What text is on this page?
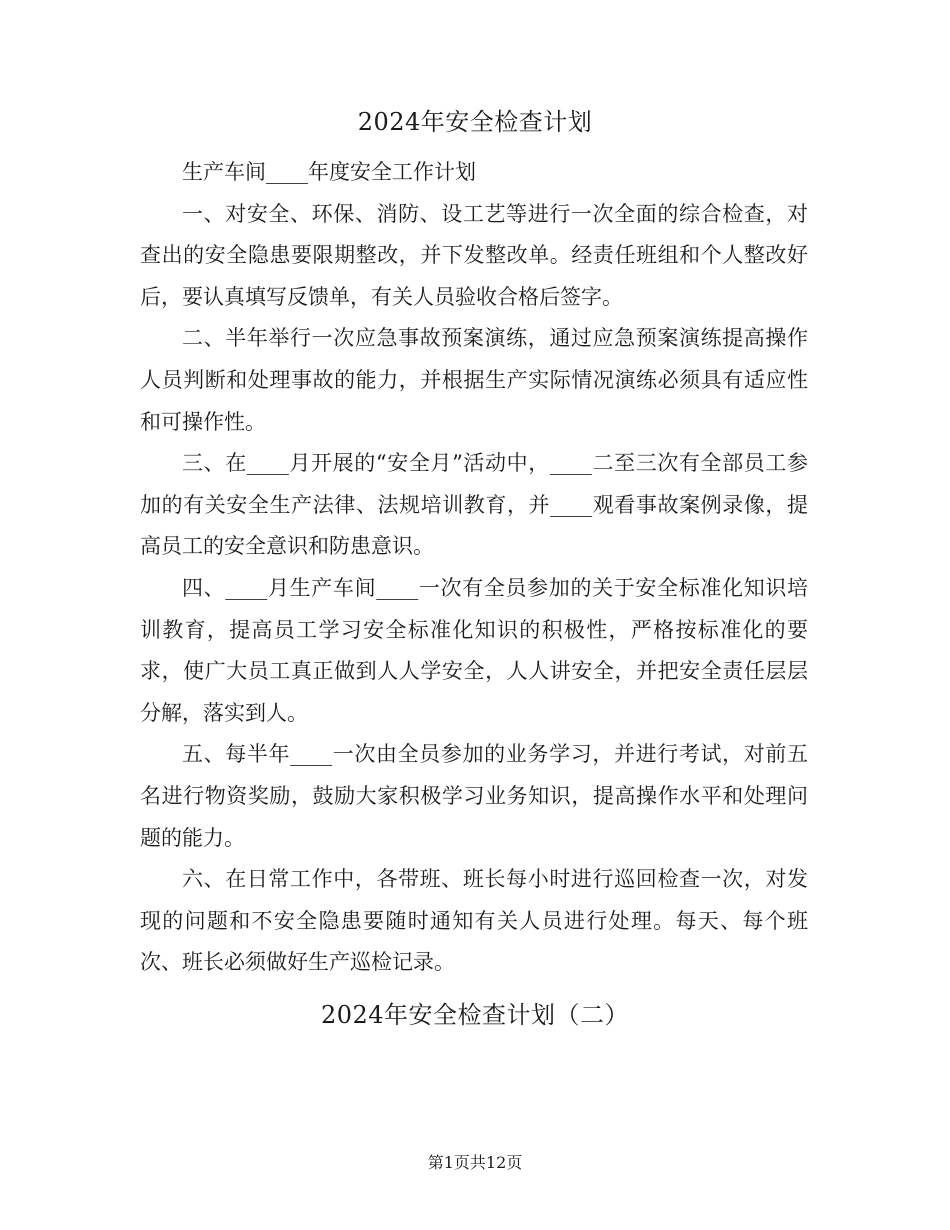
2024年安全检查计划

生产车间____年度安全工作计划

一、对安全、环保、消防、设工艺等进行一次全面的综合检查，对查出的安全隐患要限期整改，并下发整改单。经责任班组和个人整改好后，要认真填写反馈单，有关人员验收合格后签字。

二、半年举行一次应急事故预案演练，通过应急预案演练提高操作人员判断和处理事故的能力，并根据生产实际情况演练必须具有适应性和可操作性。

三、在____月开展的“安全月”活动中，____二至三次有全部员工参加的有关安全生产法律、法规培训教育，并____观看事故案例录像，提高员工的安全意识和防患意识。

四、____月生产车间____一次有全员参加的关于安全标准化知识培训教育，提高员工学习安全标准化知识的积极性，严格按标准化的要求，使广大员工真正做到人人学安全，人人讲安全，并把安全责任层层分解，落实到人。

五、每半年____一次由全员参加的业务学习，并进行考试，对前五名进行物资奖励，鼓励大家积极学习业务知识，提高操作水平和处理问题的能力。

六、在日常工作中，各带班、班长每小时进行巡回检查一次，对发现的问题和不安全隐患要随时通知有关人员进行处理。每天、每个班次、班长必须做好生产巡检记录。

2024年安全检查计划（二）
第1页共12页
